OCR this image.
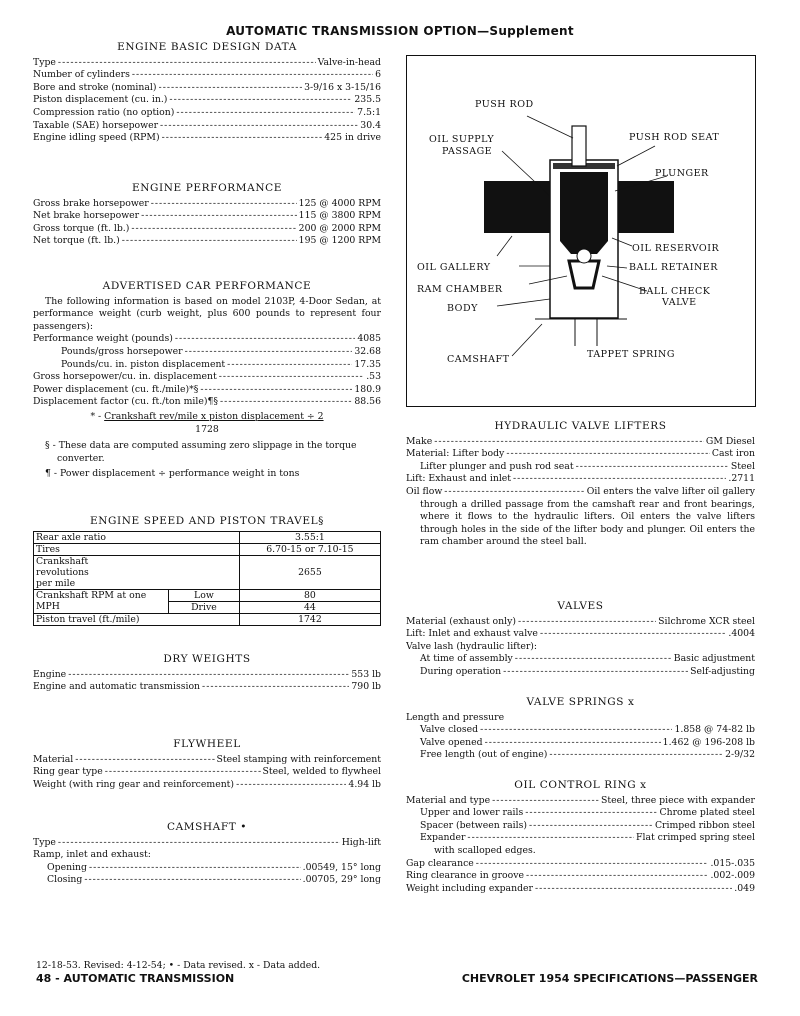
AUTOMATIC TRANSMISSION OPTION—Supplement
ENGINE BASIC DESIGN DATA
Type -----	Valve-in-head
Number of cylinders -----	6
Bore and stroke (nominal) -----	3-9/16 x 3-15/16
Piston displacement (cu. in.) -----	235.5
Compression ratio (no option) -----	7.5:1
Taxable (SAE) horsepower -----	30.4
Engine idling speed (RPM) -----	425 in drive
ENGINE PERFORMANCE
Gross brake horsepower -----	125 @ 4000 RPM
Net brake horsepower -----	115 @ 3800 RPM
Gross torque (ft. lb.) -----	200 @ 2000 RPM
Net torque (ft. lb.) -----	195 @ 1200 RPM
ADVERTISED CAR PERFORMANCE
The following information is based on model 2103P, 4-Door Sedan, at performance weight (curb weight, plus 600 pounds to represent four passengers):
Performance weight (pounds) -----	4085
Pounds/gross horsepower -----	32.68
Pounds/cu. in. piston displacement -----	17.35
Gross horsepower/cu. in. displacement -----	.53
Power displacement (cu. ft./mile)*§ -----	180.9
Displacement factor (cu. ft./ton mile)¶§ -----	88.56
* - Crankshaft rev/mile x piston displacement ÷ 2
1728
§ - These data are computed assuming zero slippage in the torque converter.
¶ - Power displacement ÷ performance weight in tons
ENGINE SPEED AND PISTON TRAVEL§
Rear axle ratio		3.55:1
Tires		6.70-15 or 7.10-15
Crankshaft revolutions per mile		2655
Crankshaft RPM at one MPH	Low	80
	Drive	44
Piston travel (ft./mile)		1742
DRY WEIGHTS
Engine -----	553 lb
Engine and automatic transmission -----	790 lb
FLYWHEEL
Material -----	Steel stamping with reinforcement
Ring gear type -----	Steel, welded to flywheel
Weight (with ring gear and reinforcement) -----	4.94 lb
CAMSHAFT •
Type -----	High-lift
Ramp, inlet and exhaust:
Opening -----	.00549, 15° long
Closing -----	.00705, 29° long
PUSH ROD
OIL SUPPLY
PASSAGE
PUSH ROD SEAT
PLUNGER
OIL RESERVOIR
OIL GALLERY	BALL RETAINER
RAM CHAMBER	BALL CHECK
VALVE
BODY
CAMSHAFT	TAPPET SPRING
HYDRAULIC VALVE LIFTERS
Make -----	GM Diesel
Material: Lifter body -----	Cast iron
Lifter plunger and push rod seat -----	Steel
Lift: Exhaust and inlet -----	.2711
Oil flow -----	Oil enters the valve lifter oil gallery
through a drilled passage from the camshaft rear and front bearings, where it flows to the hydraulic lifters. Oil enters the valve lifters through holes in the side of the lifter body and plunger. Oil enters the ram chamber around the steel ball.
VALVES
Material (exhaust only) -----	Silchrome XCR steel
Lift: Inlet and exhaust valve -----	.4004
Valve lash (hydraulic lifter):
At time of assembly -----	Basic adjustment
During operation -----	Self-adjusting
VALVE SPRINGS x
Length and pressure
Valve closed -----	1.858 @ 74-82 lb
Valve opened -----	1.462 @ 196-208 lb
Free length (out of engine) -----	2-9/32
OIL CONTROL RING x
Material and type -----	Steel, three piece with expander
Upper and lower rails -----	Chrome plated steel
Spacer (between rails) -----	Crimped ribbon steel
Expander -----	Flat crimped spring steel
with scalloped edges.
Gap clearance -----	.015-.035
Ring clearance in groove -----	.002-.009
Weight including expander -----	.049
12-18-53. Revised: 4-12-54; • - Data revised. x - Data added.
48 - AUTOMATIC TRANSMISSION	CHEVROLET 1954 SPECIFICATIONS—PASSENGER
